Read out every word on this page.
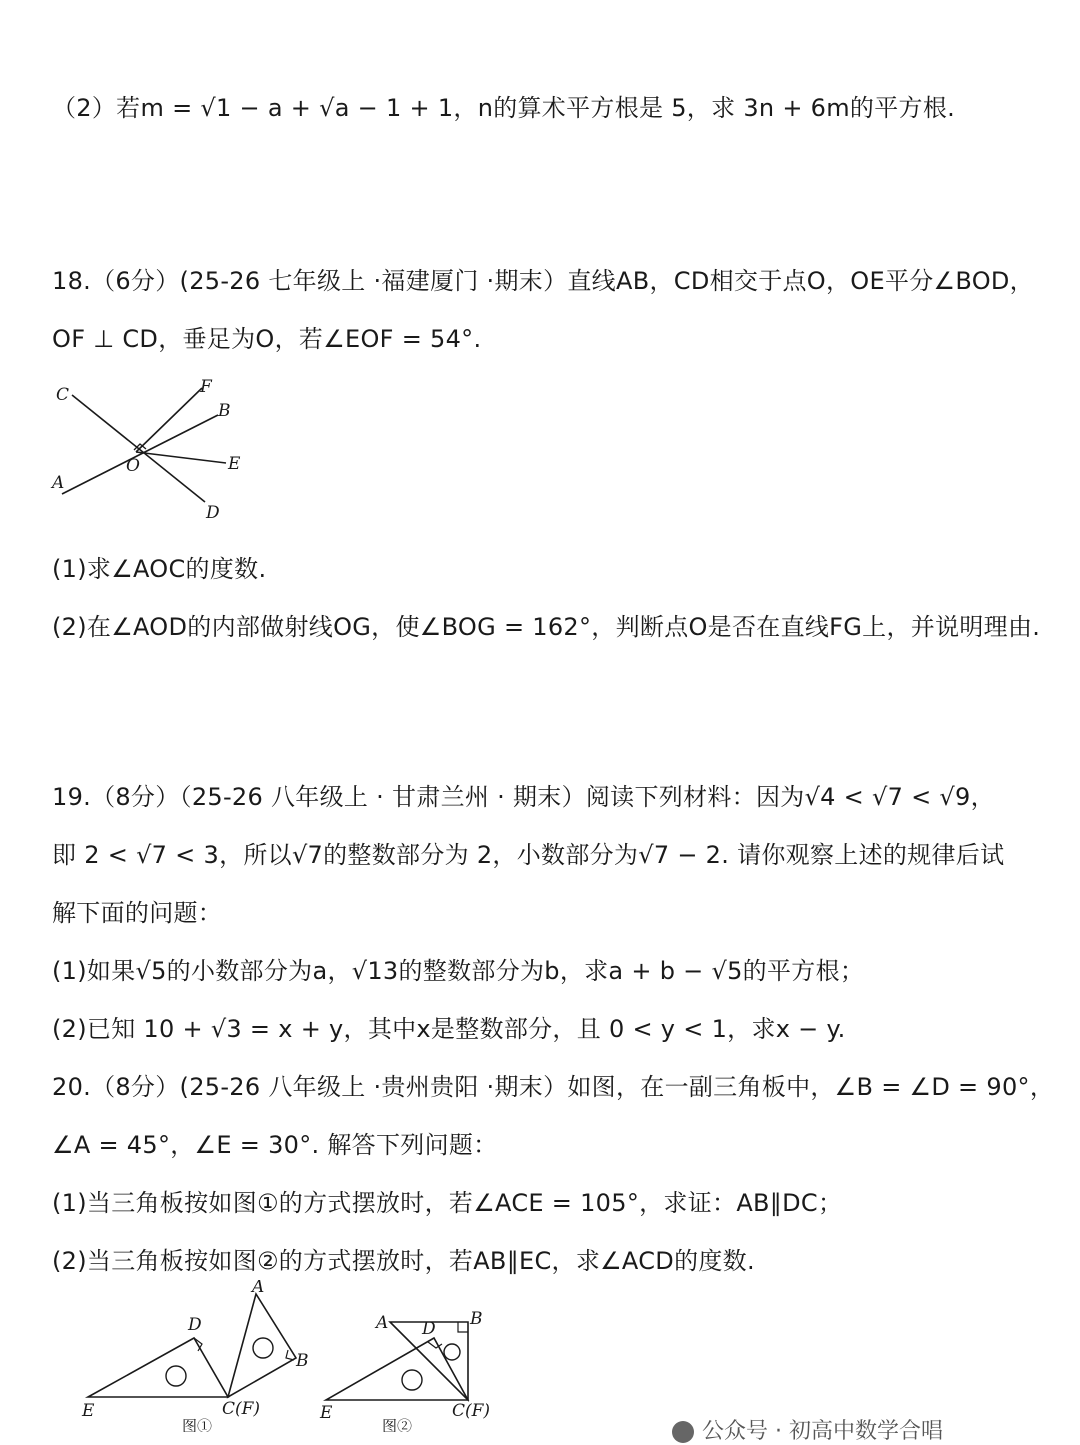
（2）若m = √1 − a + √a − 1 + 1，n的算术平方根是 5，求 3n + 6m的平方根.
18.（6分）(25-26 七年级上 ·福建厦门 ·期末）直线AB，CD相交于点O，OE平分∠BOD，
OF ⊥ CD，垂足为O，若∠EOF = 54°.
C	F
B
O	E
A
D
(1)求∠AOC的度数.
(2)在∠AOD的内部做射线OG，使∠BOG = 162°，判断点O是否在直线FG上，并说明理由.
19.（8分）（25-26 八年级上 · 甘肃兰州 · 期末）阅读下列材料：因为√4 < √7 < √9，
即 2 < √7 < 3，所以√7的整数部分为 2，小数部分为√7 − 2. 请你观察上述的规律后试
解下面的问题：
(1)如果√5的小数部分为a，√13的整数部分为b，求a + b − √5的平方根；
(2)已知 10 + √3 = x + y，其中x是整数部分，且 0 < y < 1，求x − y.
20.（8分）(25-26 八年级上 ·贵州贵阳 ·期末）如图，在一副三角板中，∠B = ∠D = 90°，
∠A = 45°，∠E = 30°. 解答下列问题：
(1)当三角板按如图①的方式摆放时，若∠ACE = 105°，求证：AB∥DC；
(2)当三角板按如图②的方式摆放时，若AB∥EC，求∠ACD的度数.
D
A
B
E	C(F)
图①
A D B
E	C(F)
图②	公众号 · 初高中数学合唱
